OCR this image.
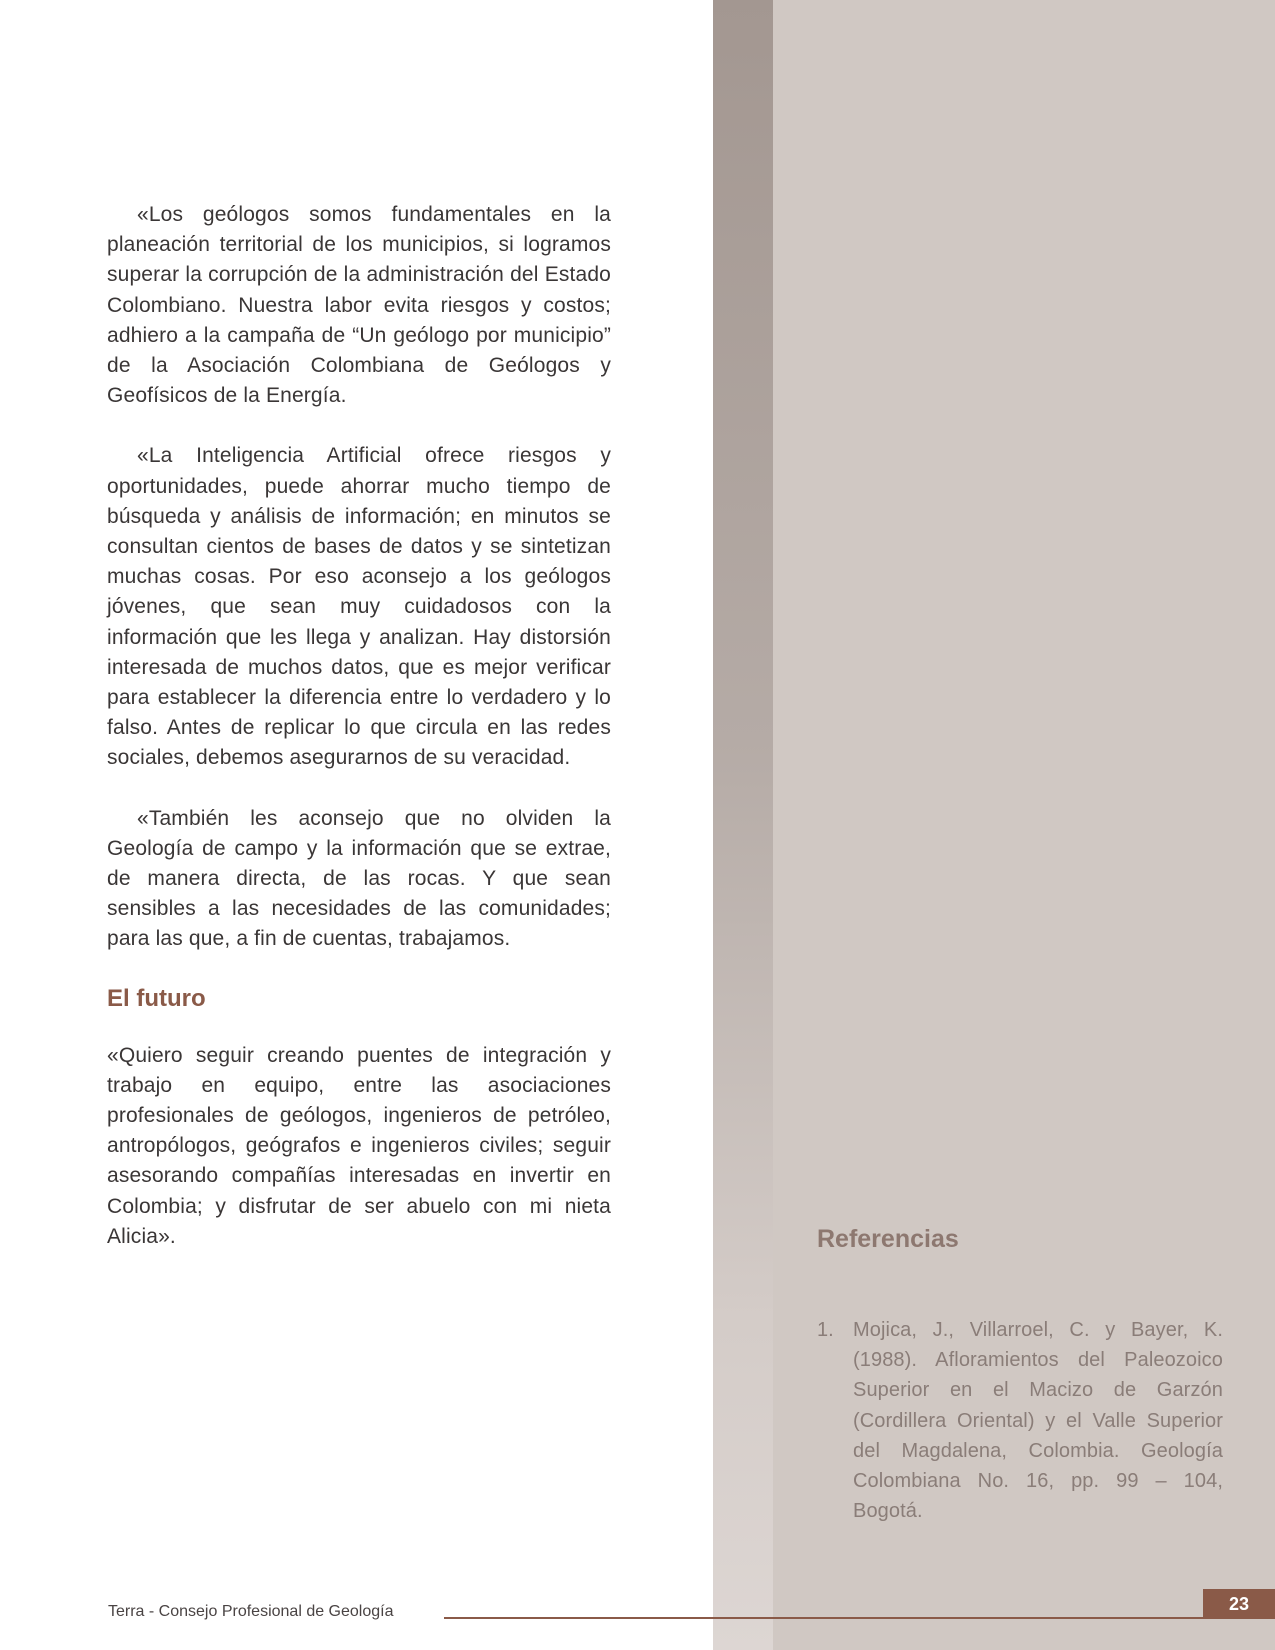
«Los geólogos somos fundamentales en la planeación territorial de los municipios, si logramos superar la corrupción de la administración del Estado Colombiano. Nuestra labor evita riesgos y costos; adhiero a la campaña de “Un geólogo por municipio” de la Asociación Colombiana de Geólogos y Geofísicos de la Energía.

«La Inteligencia Artificial ofrece riesgos y oportunidades, puede ahorrar mucho tiempo de búsqueda y análisis de información; en minutos se consultan cientos de bases de datos y se sintetizan muchas cosas. Por eso aconsejo a los geólogos jóvenes, que sean muy cuidadosos con la información que les llega y analizan. Hay distorsión interesada de muchos datos, que es mejor verificar para establecer la diferencia entre lo verdadero y lo falso. Antes de replicar lo que circula en las redes sociales, debemos asegurarnos de su veracidad.

«También les aconsejo que no olviden la Geología de campo y la información que se extrae, de manera directa, de las rocas. Y que sean sensibles a las necesidades de las comunidades; para las que, a fin de cuentas, trabajamos.

El futuro

«Quiero seguir creando puentes de integración y trabajo en equipo, entre las asociaciones profesionales de geólogos, ingenieros de petróleo, antropólogos, geógrafos e ingenieros civiles; seguir asesorando compañías interesadas en invertir en Colombia; y disfrutar de ser abuelo con mi nieta Alicia».	Referencias
1. Mojica, J., Villarroel, C. y Bayer, K. (1988). Afloramientos del Paleozoico Superior en el Macizo de Garzón (Cordillera Oriental) y el Valle Superior del Magdalena, Colombia. Geología Colombiana No. 16, pp. 99 – 104, Bogotá.
Terra - Consejo Profesional de Geología	23
